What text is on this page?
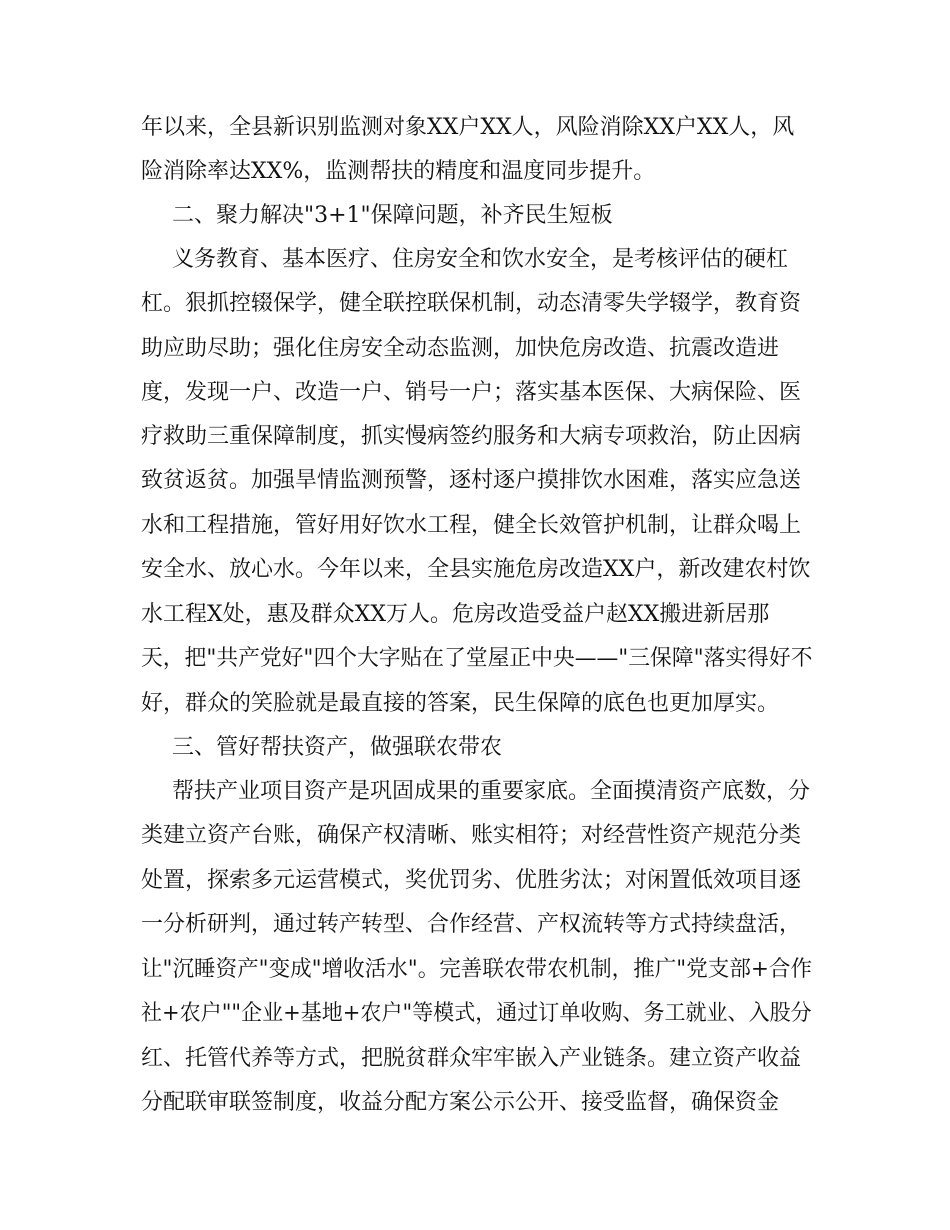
年以来，全县新识别监测对象XX户XX人，风险消除XX户XX人，风
险消除率达XX%，监测帮扶的精度和温度同步提升。
二、聚力解决"3+1"保障问题，补齐民生短板
义务教育、基本医疗、住房安全和饮水安全，是考核评估的硬杠
杠。狠抓控辍保学，健全联控联保机制，动态清零失学辍学，教育资
助应助尽助；强化住房安全动态监测，加快危房改造、抗震改造进
度，发现一户、改造一户、销号一户；落实基本医保、大病保险、医
疗救助三重保障制度，抓实慢病签约服务和大病专项救治，防止因病
致贫返贫。加强旱情监测预警，逐村逐户摸排饮水困难，落实应急送
水和工程措施，管好用好饮水工程，健全长效管护机制，让群众喝上
安全水、放心水。今年以来，全县实施危房改造XX户，新改建农村饮
水工程X处，惠及群众XX万人。危房改造受益户赵XX搬进新居那
天，把"共产党好"四个大字贴在了堂屋正中央——"三保障"落实得好不
好，群众的笑脸就是最直接的答案，民生保障的底色也更加厚实。
三、管好帮扶资产，做强联农带农
帮扶产业项目资产是巩固成果的重要家底。全面摸清资产底数，分
类建立资产台账，确保产权清晰、账实相符；对经营性资产规范分类
处置，探索多元运营模式，奖优罚劣、优胜劣汰；对闲置低效项目逐
一分析研判，通过转产转型、合作经营、产权流转等方式持续盘活，
让"沉睡资产"变成"增收活水"。完善联农带农机制，推广"党支部+合作
社+农户""企业+基地+农户"等模式，通过订单收购、务工就业、入股分
红、托管代养等方式，把脱贫群众牢牢嵌入产业链条。建立资产收益
分配联审联签制度，收益分配方案公示公开、接受监督，确保资金
